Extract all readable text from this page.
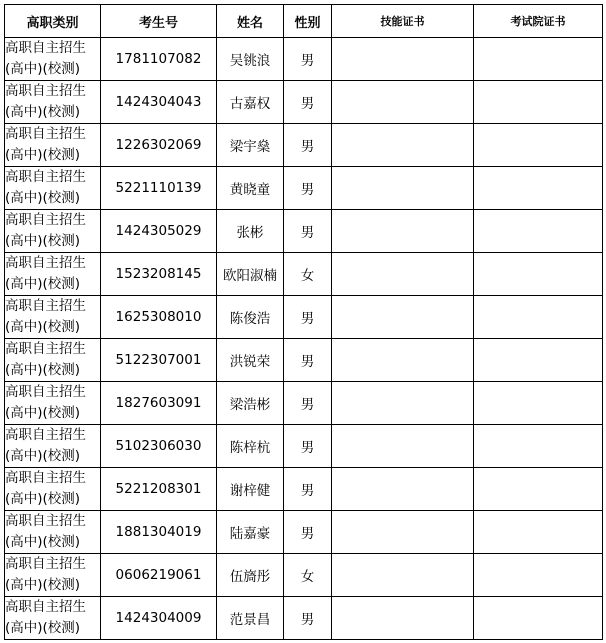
高职类别	考生号	姓名	性别	技能证书	考试院证书

高职自主招生
(高中)(校测)	1781107082	吴铫浪	男		

高职自主招生
(高中)(校测)	1424304043	古嘉权	男		

高职自主招生
(高中)(校测)	1226302069	梁宇燊	男		

高职自主招生
(高中)(校测)	5221110139	黄晓童	男		

高职自主招生
(高中)(校测)	1424305029	张彬	男		

高职自主招生
(高中)(校测)	1523208145	欧阳淑楠	女		

高职自主招生
(高中)(校测)	1625308010	陈俊浩	男		

高职自主招生
(高中)(校测)	5122307001	洪锐荣	男		

高职自主招生
(高中)(校测)	1827603091	梁浩彬	男		

高职自主招生
(高中)(校测)	5102306030	陈梓杭	男		

高职自主招生
(高中)(校测)	5221208301	谢梓健	男		

高职自主招生
(高中)(校测)	1881304019	陆嘉豪	男		

高职自主招生
(高中)(校测)	0606219061	伍旖彤	女		

高职自主招生
(高中)(校测)	1424304009	范景昌	男		
